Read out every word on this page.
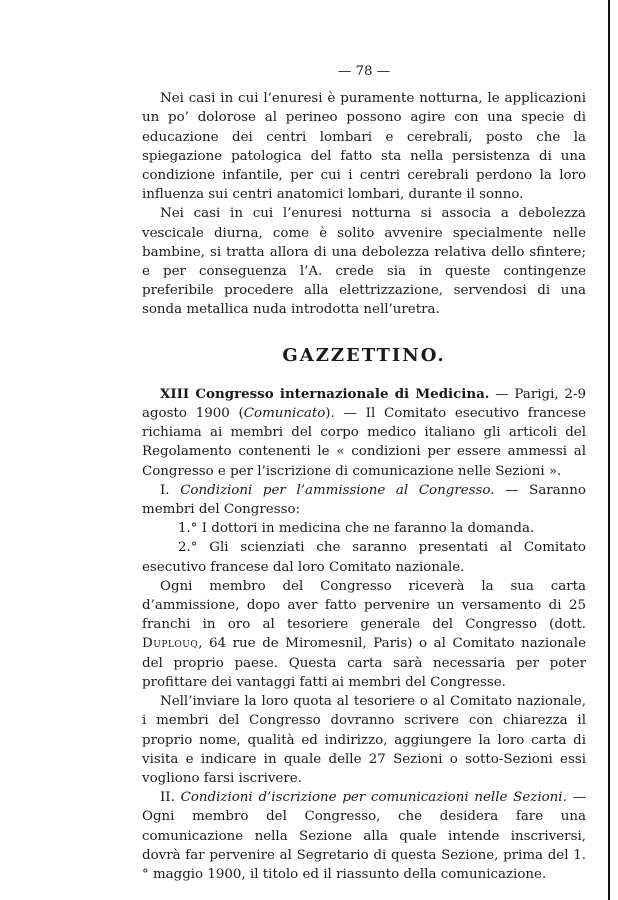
— 78 —

Nei casi in cui l’enuresi è puramente notturna, le applicazioni un po’ dolorose al perineo possono agire con una specie di educazione dei centri lombari e cerebrali, posto che la spiegazione patologica del fatto sta nella persistenza di una condizione infantile, per cui i centri cerebrali perdono la loro influenza sui centri anatomici lombari, durante il sonno.

Nei casi in cui l’enuresi notturna si associa a debolezza vescicale diurna, come è solito avvenire specialmente nelle bambine, si tratta allora di una debolezza relativa dello sfintere; e per conseguenza l’A. crede sia in queste contingenze preferibile procedere alla elettrizzazione, servendosi di una sonda metallica nuda introdotta nell’uretra.

GAZZETTINO.

XIII Congresso internazionale di Medicina. — Parigi, 2-9 agosto 1900 (Comunicato). — Il Comitato esecutivo francese richiama ai membri del corpo medico italiano gli articoli del Regolamento contenenti le « condizioni per essere ammessi al Congresso e per l’iscrizione di comunicazione nelle Sezioni ».

I. Condizioni per l’ammissione al Congresso. — Saranno membri del Congresso:

1.° I dottori in medicina che ne faranno la domanda.

2.° Gli scienziati che saranno presentati al Comitato esecutivo francese dal loro Comitato nazionale.

Ogni membro del Congresso riceverà la sua carta d’ammissione, dopo aver fatto pervenire un versamento di 25 franchi in oro al tesoriere generale del Congresso (dott. Duplouq, 64 rue de Miromesnil, Paris) o al Comitato nazionale del proprio paese. Questa carta sarà necessaria per poter profittare dei vantaggi fatti ai membri del Congresse.

Nell’inviare la loro quota al tesoriere o al Comitato nazionale, i membri del Congresso dovranno scrivere con chiarezza il proprio nome, qualità ed indirizzo, aggiungere la loro carta di visita e indicare in quale delle 27 Sezioni o sotto-Sezioni essi vogliono farsi iscrivere.

II. Condizioni d’iscrizione per comunicazioni nelle Sezioni. — Ogni membro del Congresso, che desidera fare una comunicazione nella Sezione alla quale intende inscriversi, dovrà far pervenire al Segretario di questa Sezione, prima del 1.° maggio 1900, il titolo ed il riassunto della comunicazione.
